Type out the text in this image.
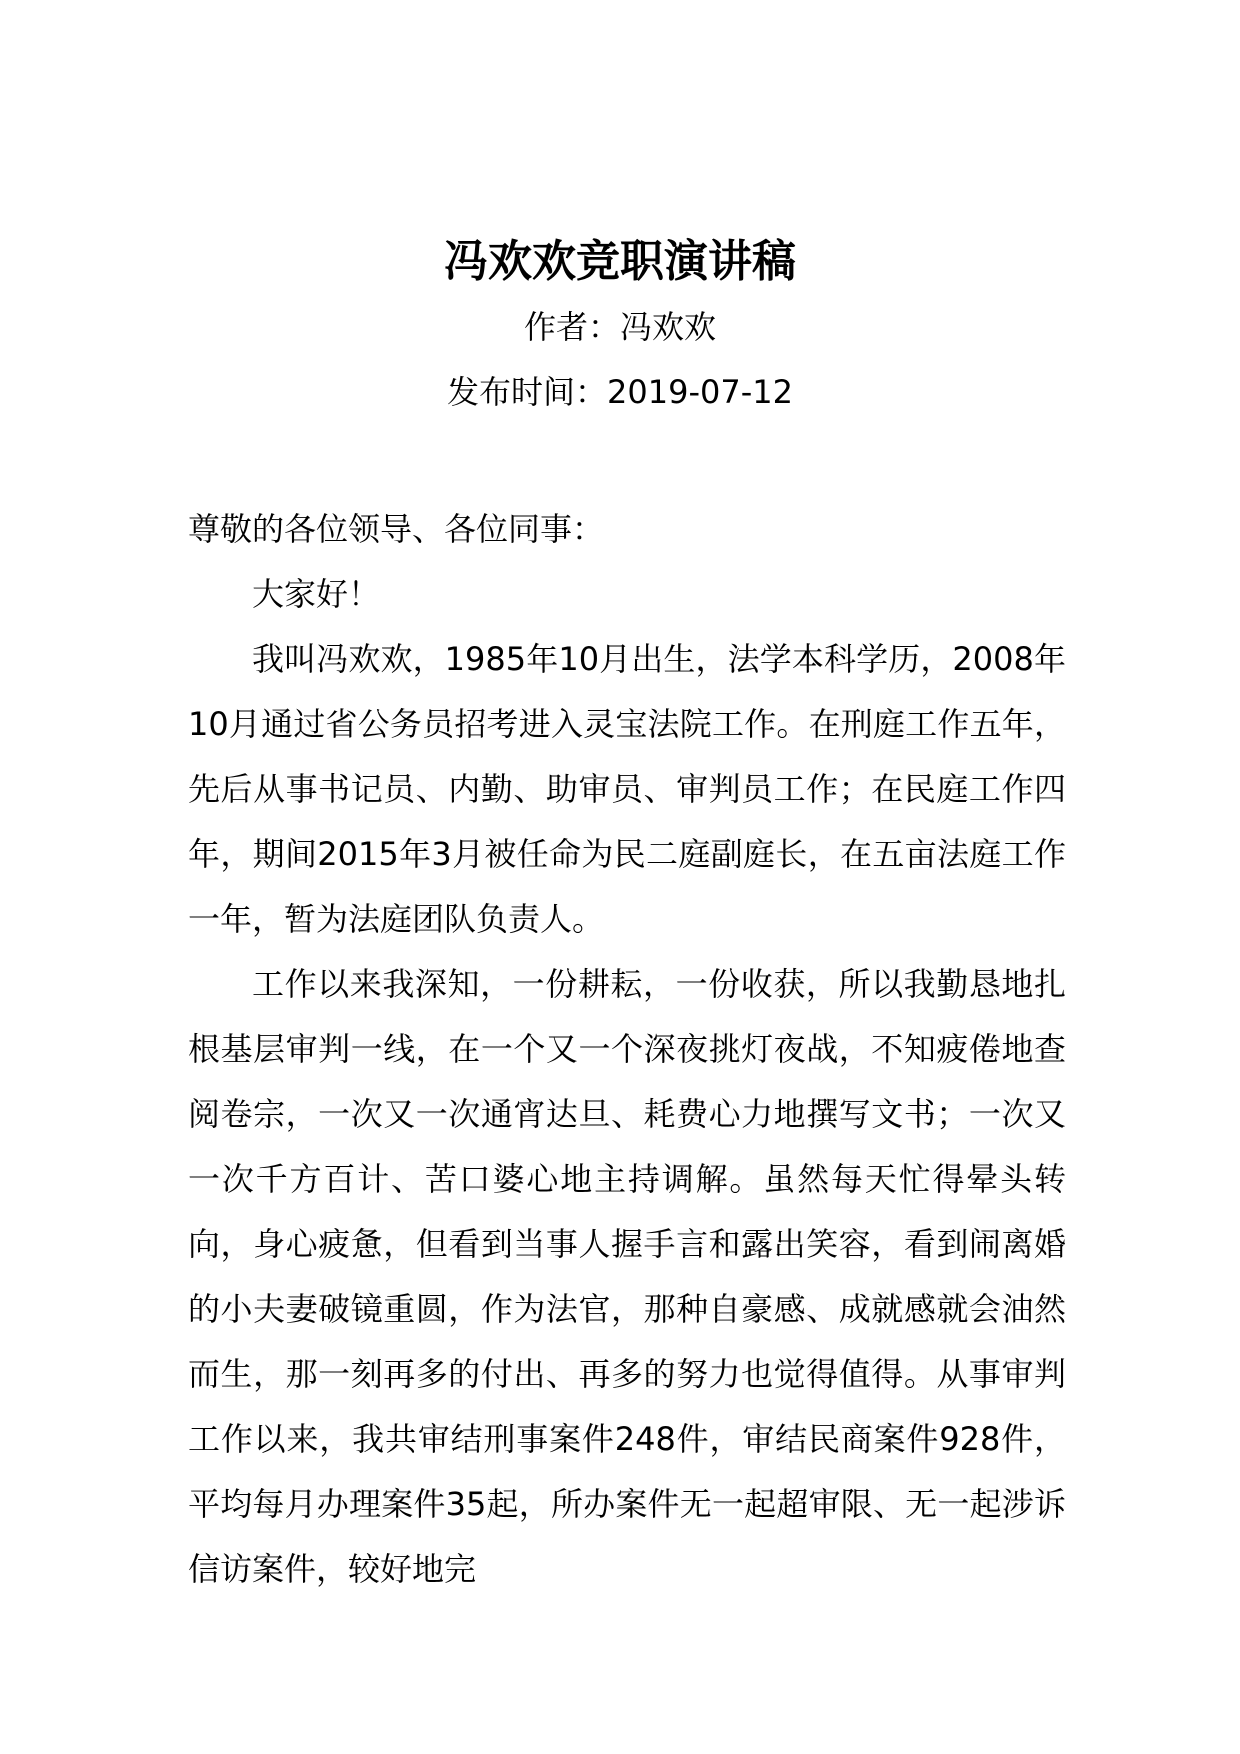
冯欢欢竞职演讲稿
作者：冯欢欢
发布时间：2019-07-12

尊敬的各位领导、各位同事：

大家好！

我叫冯欢欢，1985年10月出生，法学本科学历，2008年10月通过省公务员招考进入灵宝法院工作。在刑庭工作五年，先后从事书记员、内勤、助审员、审判员工作；在民庭工作四年，期间2015年3月被任命为民二庭副庭长，在五亩法庭工作一年，暂为法庭团队负责人。

工作以来我深知，一份耕耘，一份收获，所以我勤恳地扎根基层审判一线，在一个又一个深夜挑灯夜战，不知疲倦地查阅卷宗，一次又一次通宵达旦、耗费心力地撰写文书；一次又一次千方百计、苦口婆心地主持调解。虽然每天忙得晕头转向，身心疲惫，但看到当事人握手言和露出笑容，看到闹离婚的小夫妻破镜重圆，作为法官，那种自豪感、成就感就会油然而生，那一刻再多的付出、再多的努力也觉得值得。从事审判工作以来，我共审结刑事案件248件，审结民商案件928件，平均每月办理案件35起，所办案件无一起超审限、无一起涉诉信访案件，较好地完
